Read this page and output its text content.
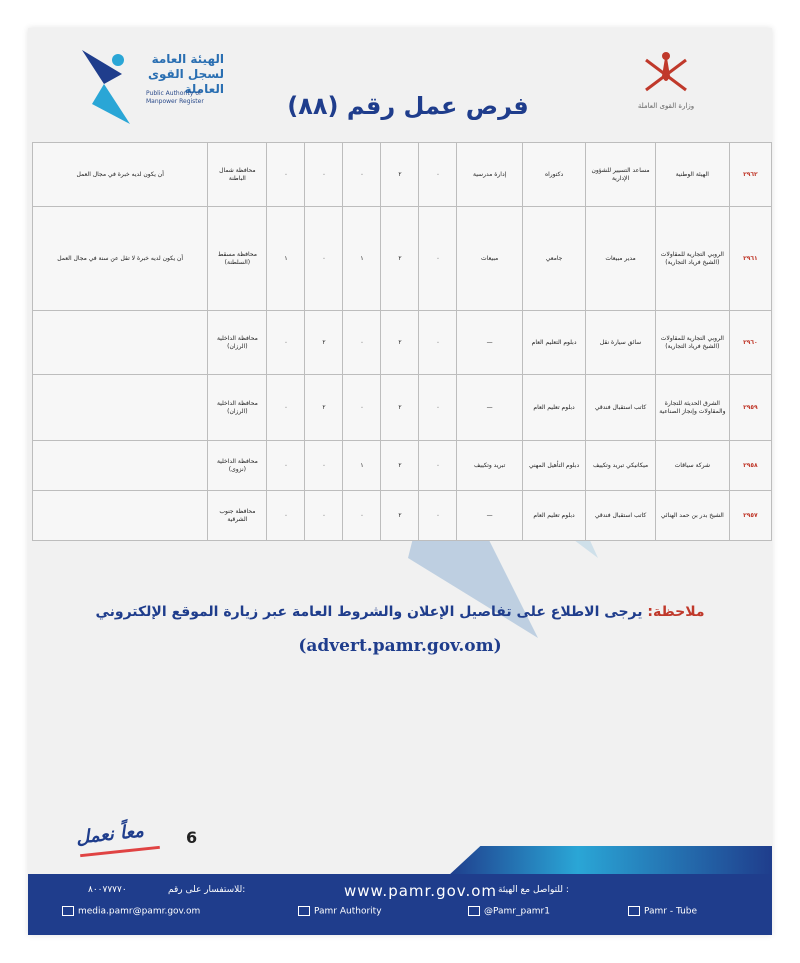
وزارة القوى العاملة
الهيئة العامة لسجل القوى العاملة
Public Authority of Manpower Register	فرص عمل رقم (٨٨)
٢٩٦٢	الهيئة الوطنية	مساعد التسيير للشؤون الإدارية	دكتوراه	إدارة مدرسية	٠	٢	٠	٠	٠	محافظة شمال الباطنة	أن يكون لديه خبرة في مجال العمل
٢٩٦١	الروبي التجارية للمقاولات (الشيخ فرياد التجارية)	مدير مبيعات	جامعي	مبيعات	٠	٢	١	٠	١	محافظة مسقط (السلطنة)	أن يكون لديه خبرة لا تقل عن سنة في مجال العمل
٢٩٦٠	الروبي التجارية للمقاولات (الشيخ فرياد التجارية)	سائق سيارة نقل	دبلوم التعليم العام	—	٠	٢	٠	٢	٠	محافظة الداخلية (الرزان)	
٢٩٥٩	الشرق الحديثة للتجارة والمقاولات وإنجاز الصناعية	كاتب استقبال فندقي	دبلوم تعليم العام	—	٠	٢	٠	٢	٠	محافظة الداخلية (الرزان)	
٢٩٥٨	شركة سياقات	ميكانيكي تبريد وتكييف	دبلوم التأهيل المهني	تبريد وتكييف	٠	٢	١	٠	٠	محافظة الداخلية (نزوى)	
٢٩٥٧	الشيخ بدر بن حمد الهنائي	كاتب استقبال فندقي	دبلوم تعليم العام	—	٠	٢	٠	٠	٠	محافظة جنوب الشرقية	
ملاحظة: يرجى الاطلاع على تفاصيل الإعلان والشروط العامة عبر زيارة الموقع الإلكتروني
(advert.pamr.gov.om)
6
معاً نعمل
للتواصل مع الهيئة :
www.pamr.gov.om
للاستفسار على رقم:
٨٠٠٧٧٧٧٠
media.pamr@pamr.gov.om	Pamr Authority	@Pamr_pamr1	Pamr - Tube
